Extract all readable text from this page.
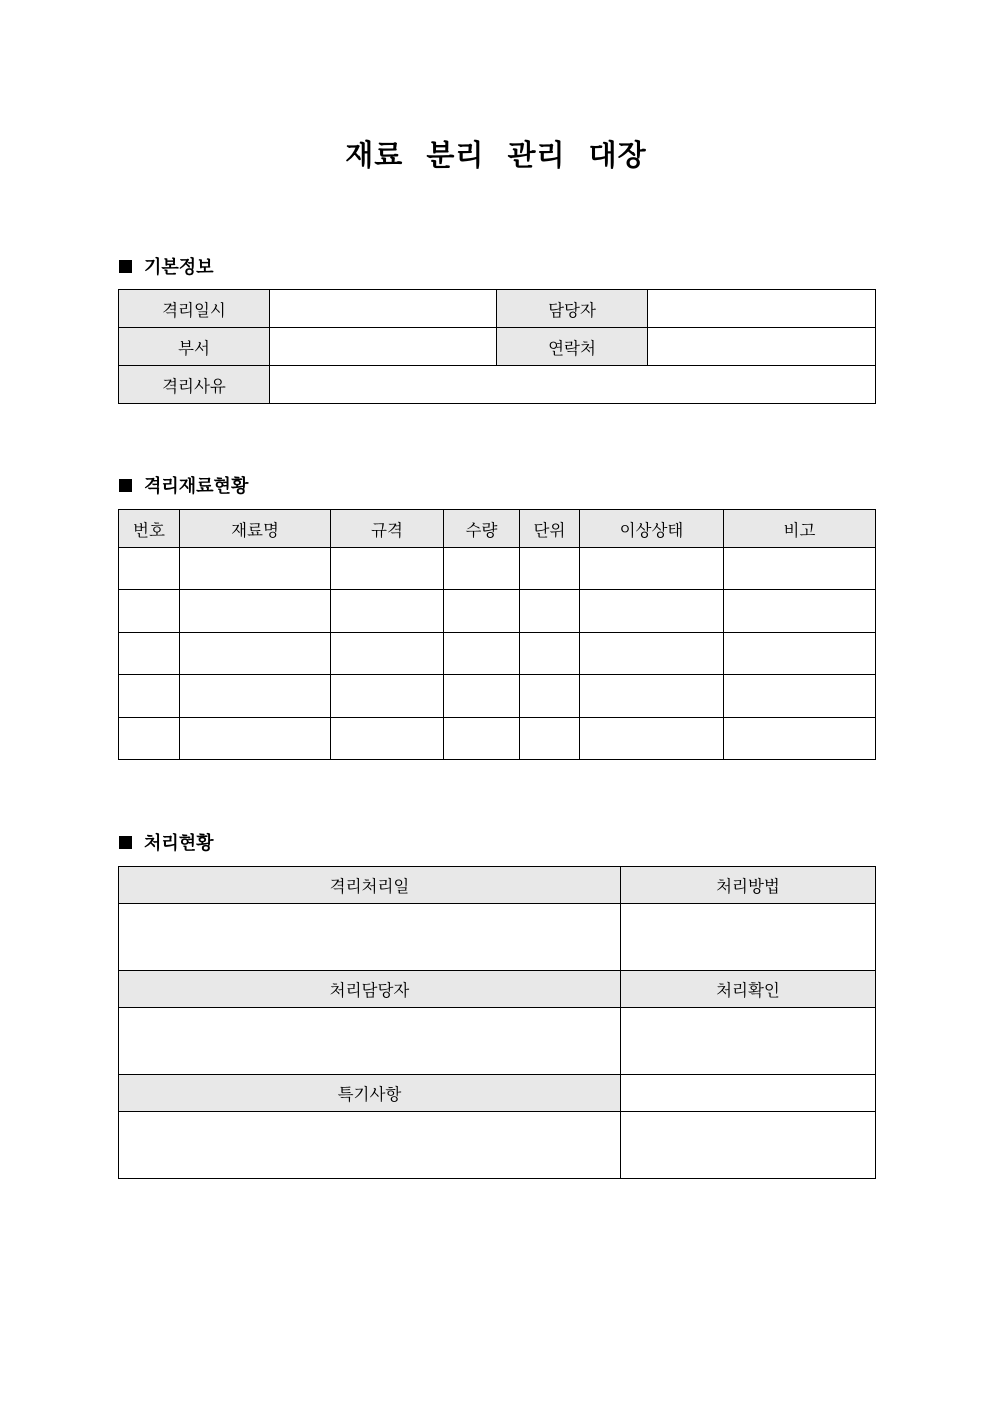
재료 분리 관리 대장
기본정보
격리일시		담당자	
부서		연락처	
격리사유			
격리재료현황
번호	재료명	규격	수량	단위	이상상태	비고

처리현황
격리처리일	처리방법

처리담당자	처리확인

특기사항	
